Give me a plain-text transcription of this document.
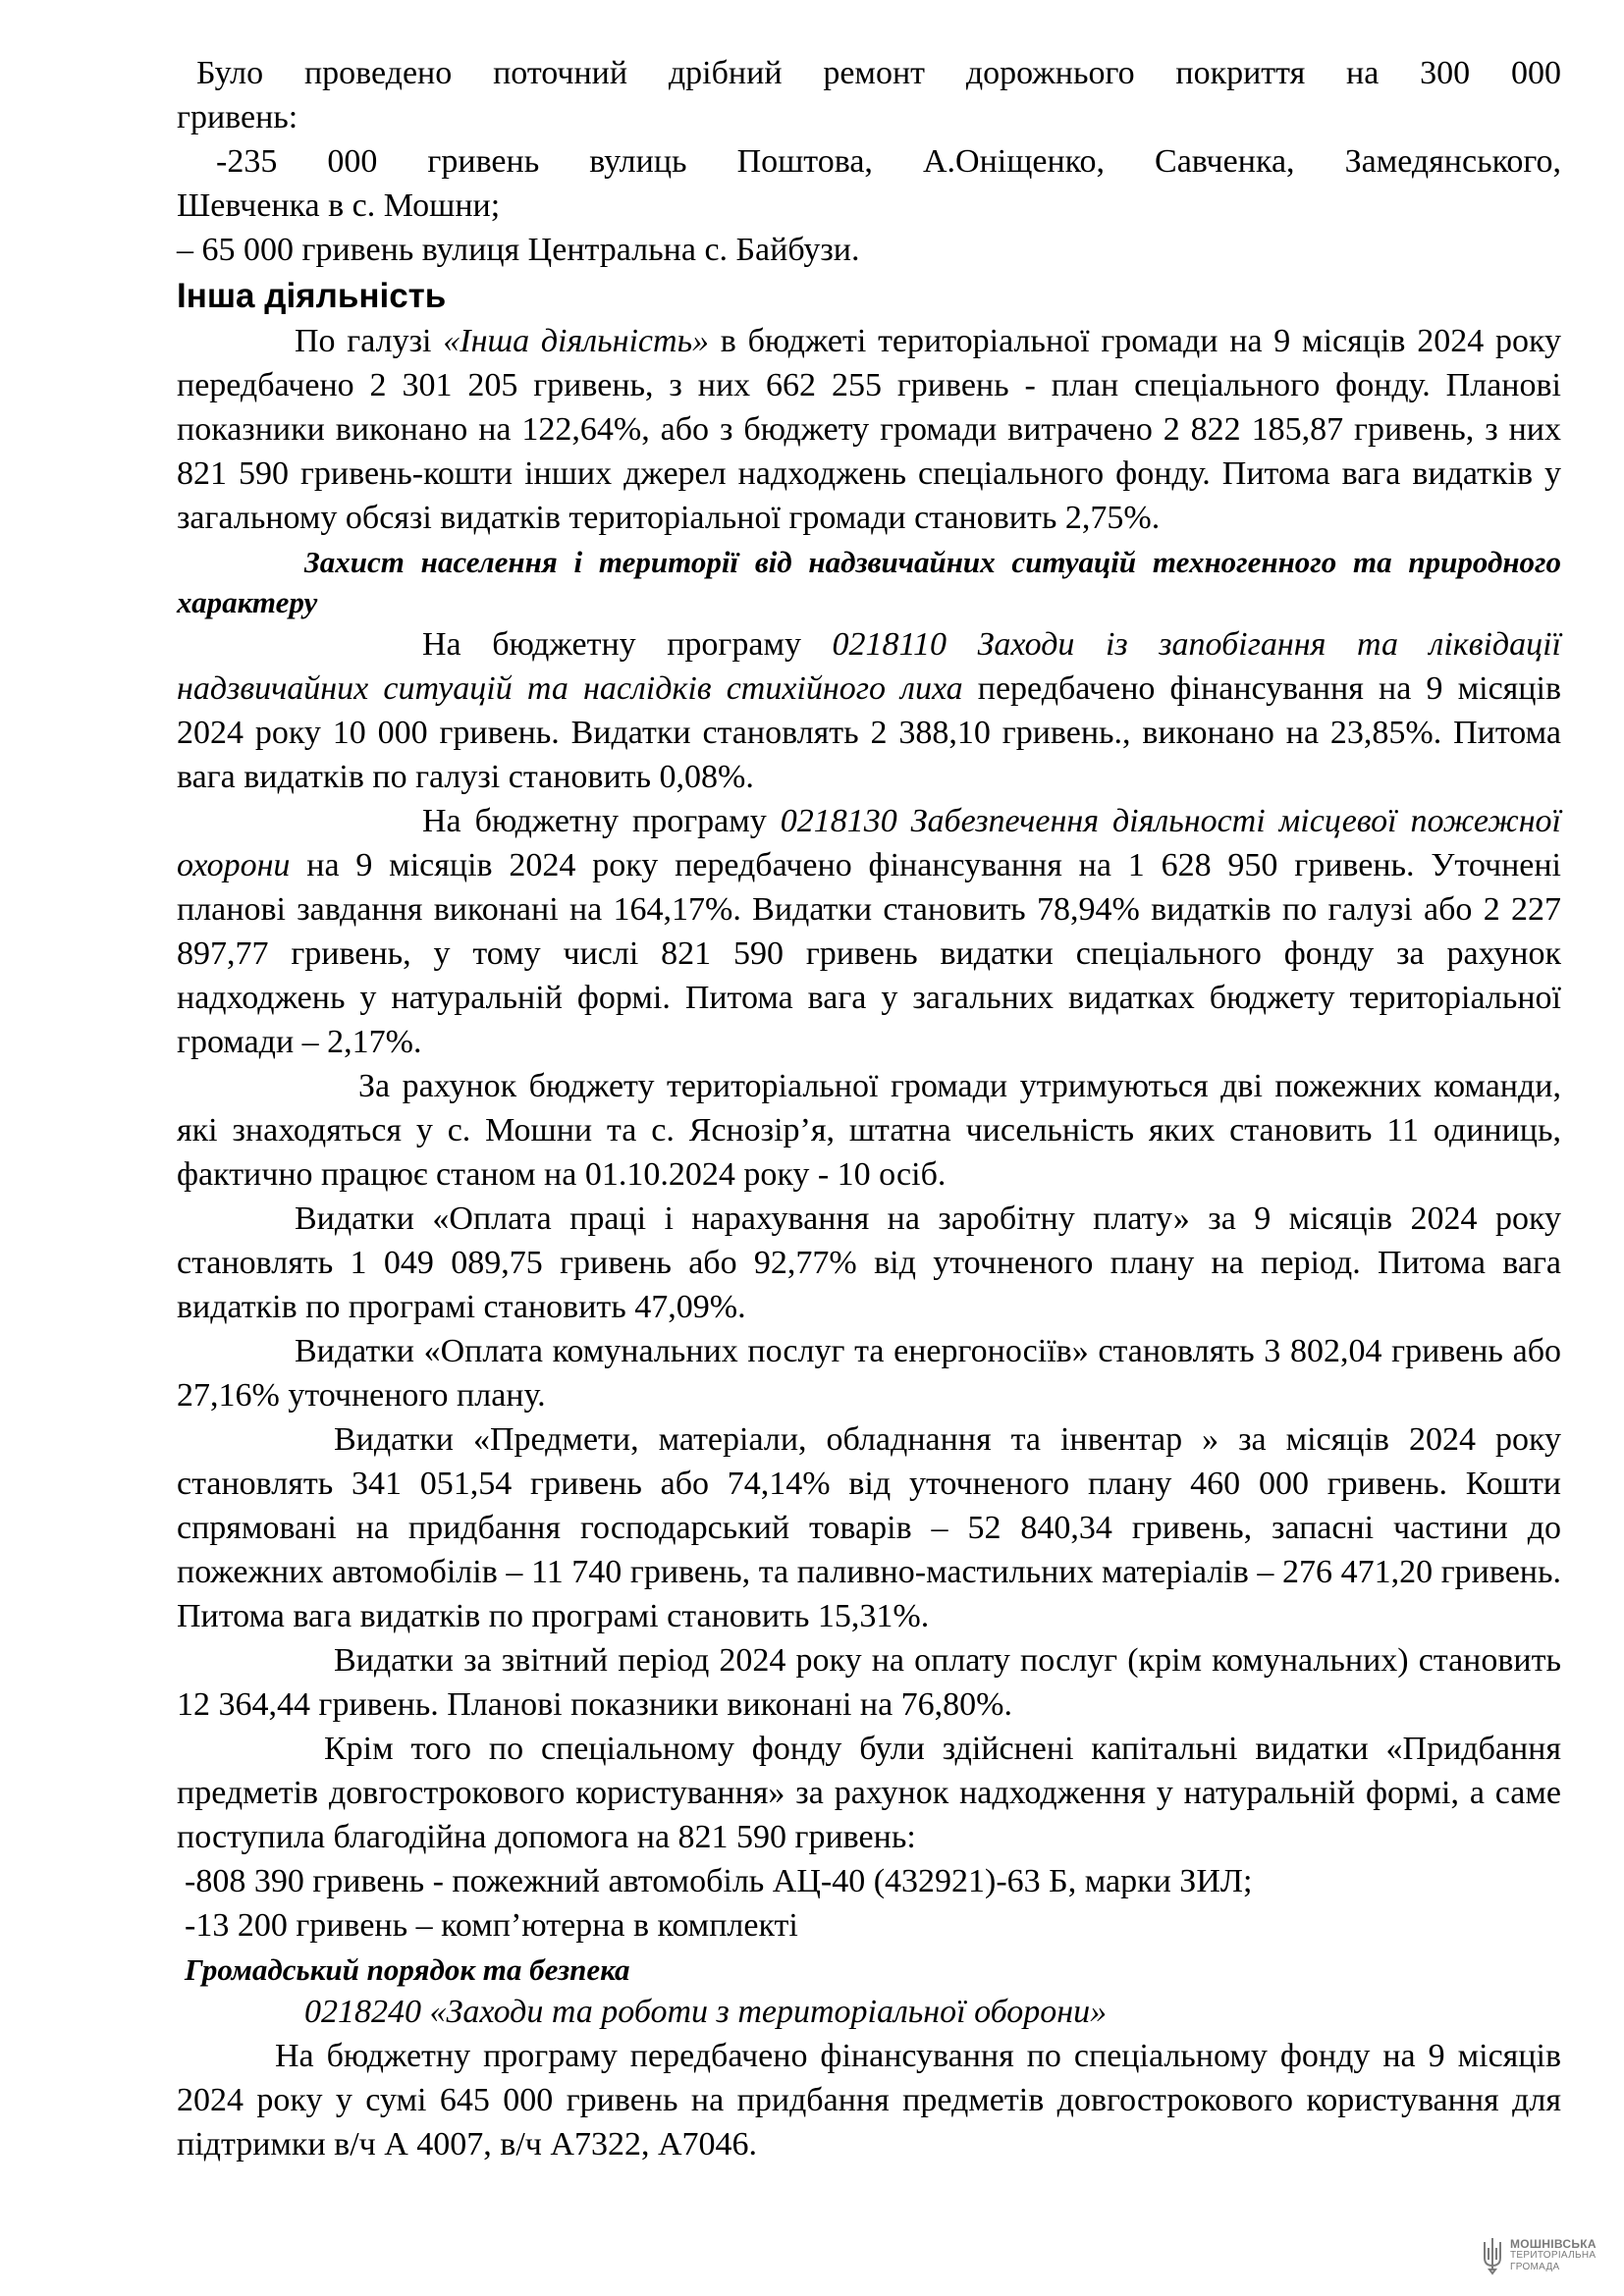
Було проведено поточний дрібний ремонт дорожнього покриття на 300 000
гривень:

-235 000 гривень вулиць Поштова, А.Оніщенко, Савченка, Замедянського,
Шевченка в с. Мошни;

– 65 000 гривень вулиця Центральна с. Байбузи.

Інша діяльність

По галузі «Інша діяльність» в бюджеті територіальної громади на 9 місяців 2024 року передбачено 2 301 205 гривень, з них 662 255 гривень - план спеціального фонду. Планові показники виконано на 122,64%, або з бюджету громади витрачено 2 822 185,87 гривень, з них 821 590 гривень-кошти інших джерел надходжень спеціального фонду. Питома вага видатків у загальному обсязі видатків територіальної громади становить 2,75%.

Захист населення і території від надзвичайних ситуацій техногенного та природного характеру

На бюджетну програму 0218110 Заходи із запобігання та ліквідації надзвичайних ситуацій та наслідків стихійного лиха передбачено фінансування на 9 місяців 2024 року 10 000 гривень. Видатки становлять 2 388,10 гривень., виконано на 23,85%. Питома вага видатків по галузі становить 0,08%.

На бюджетну програму 0218130 Забезпечення діяльності місцевої пожежної охорони на 9 місяців 2024 року передбачено фінансування на 1 628 950 гривень. Уточнені планові завдання виконані на 164,17%. Видатки становить 78,94% видатків по галузі або 2 227 897,77 гривень, у тому числі 821 590 гривень видатки спеціального фонду за рахунок надходжень у натуральній формі. Питома вага у загальних видатках бюджету територіальної громади – 2,17%.

За рахунок бюджету територіальної громади утримуються дві пожежних команди, які знаходяться у с. Мошни та с. Яснозір’я, штатна чисельність яких становить 11 одиниць, фактично працює станом на 01.10.2024 року - 10 осіб.

Видатки «Оплата праці і нарахування на заробітну плату» за 9 місяців 2024 року становлять 1 049 089,75 гривень або 92,77% від уточненого плану на період. Питома вага видатків по програмі становить 47,09%.

Видатки «Оплата комунальних послуг та енергоносіїв» становлять 3 802,04 гривень або 27,16% уточненого плану.

Видатки «Предмети, матеріали, обладнання та інвентар » за місяців 2024 року становлять 341 051,54 гривень або 74,14% від уточненого плану 460 000 гривень. Кошти спрямовані на придбання господарський товарів – 52 840,34 гривень, запасні частини до пожежних автомобілів – 11 740 гривень, та паливно-мастильних матеріалів – 276 471,20 гривень. Питома вага видатків по програмі становить 15,31%.

Видатки за звітний період 2024 року на оплату послуг (крім комунальних) становить 12 364,44 гривень. Планові показники виконані на 76,80%.

Крім того по спеціальному фонду були здійснені капітальні видатки «Придбання предметів довгострокового користування» за рахунок надходження у натуральній формі, а саме поступила благодійна допомога на 821 590 гривень:

-808 390 гривень - пожежний автомобіль АЦ-40 (432921)-63 Б, марки ЗИЛ;

-13 200 гривень – комп’ютерна в комплекті

Громадський порядок та безпека

0218240 «Заходи та роботи з територіальної оборони»

На бюджетну програму передбачено фінансування по спеціальному фонду на 9 місяців 2024 року у сумі 645 000 гривень на придбання предметів довгострокового користування для підтримки в/ч А 4007, в/ч А7322, А7046.

МОШНІВСЬКА
ТЕРИТОРІАЛЬНА
ГРОМАДА
